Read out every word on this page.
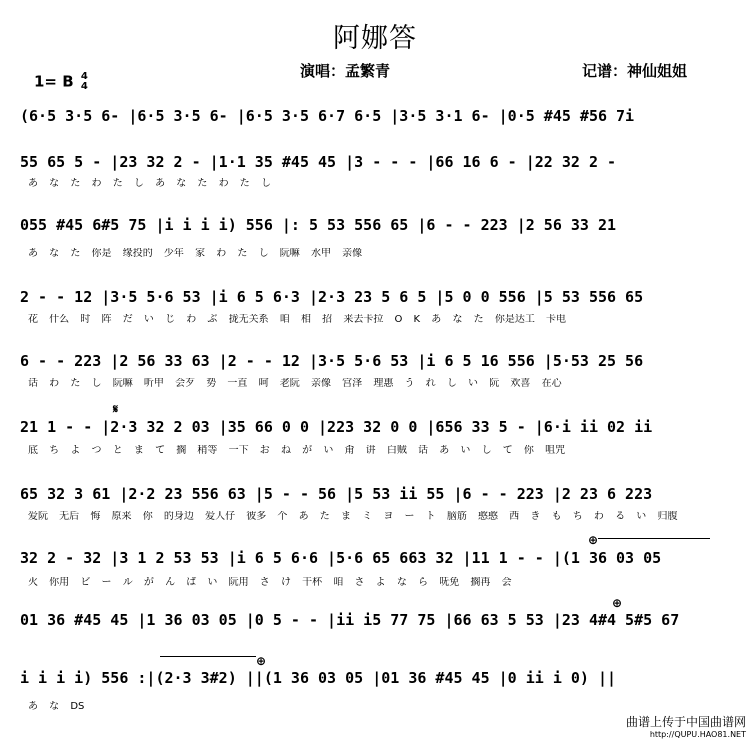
阿娜答
演唱：孟繁青	记谱：神仙姐姐
1= B 4
4
(6·5 3·5 6- |6·5 3·5 6- |6·5 3·5 6·7 6·5 |3·5 3·1 6- |0·5 #45 #56 7i
55 65 5 - |23 32 2 - |1·1 35 #45 45 |3 - - - |66 16 6 - |22 32 2 -
あ な た わ た し あ な た わ た し
055 #45 6#5 75 |i i i i) 556 |: 5 53 556 65 |6 - - 223 |2 56 33 21
あ な た 你是 缘投的 少年 家 わ た し 阮嘛 水甲 亲像
2 - - 12 |3·5 5·6 53 |i 6 5 6·3 |2·3 23 5 6 5 |5 0 0 556 |5 53 556 65
花 什么 时 阵 だ い じ わ ぶ 拢无关系 咱 相 招 来去卡拉 O K あ な た 你是达工 卡电
6 - - 223 |2 56 33 63 |2 - - 12 |3·5 5·6 53 |i 6 5 16 556 |5·53 25 56
话 わ た し 阮嘛 听甲 会歹 势 一直 呵 老阮 亲像 宫泽 理惠 う れ し い 阮 欢喜 在心
𝄋
21 1 - - |2·3 32 2 03 |35 66 0 0 |223 32 0 0 |656 33 5 - |6·i ii 02 ii
底 ち よ つ と ま て 搁 稍等 一下 お ね が い 甭 讲 白贼 话 あ い し て 你 咀咒
65 32 3 61 |2·2 23 556 63 |5 - - 56 |5 53 ii 55 |6 - - 223 |2 23 6 223
爱阮 无后 悔 原来 你 的身边 爱人仔 彼多 个 あ た ま ミ ヨ ー ト 脑筋 憨憨 西 き も ち わ る い 归腹
⊕
32 2 - 32 |3 1 2 53 53 |i 6 5 6·6 |5·6 65 663 32 |11 1 - - |(1 36 03 05
火 你用 ビ ー ル が ん ば い 阮用 さ け 干杯 咱 さ よ な ら 呒免 搁再 会
⊕
01 36 #45 45 |1 36 03 05 |0 5 - - |ii i5 77 75 |66 63 5 53 |23 4#4 5#5 67
⊕
i i i i) 556 :|(2·3 3#2) ||(1 36 03 05 |01 36 #45 45 |0 ii i 0) ||
あ な DS
曲谱上传于中国曲谱网
http://QUPU.HAO81.NET
